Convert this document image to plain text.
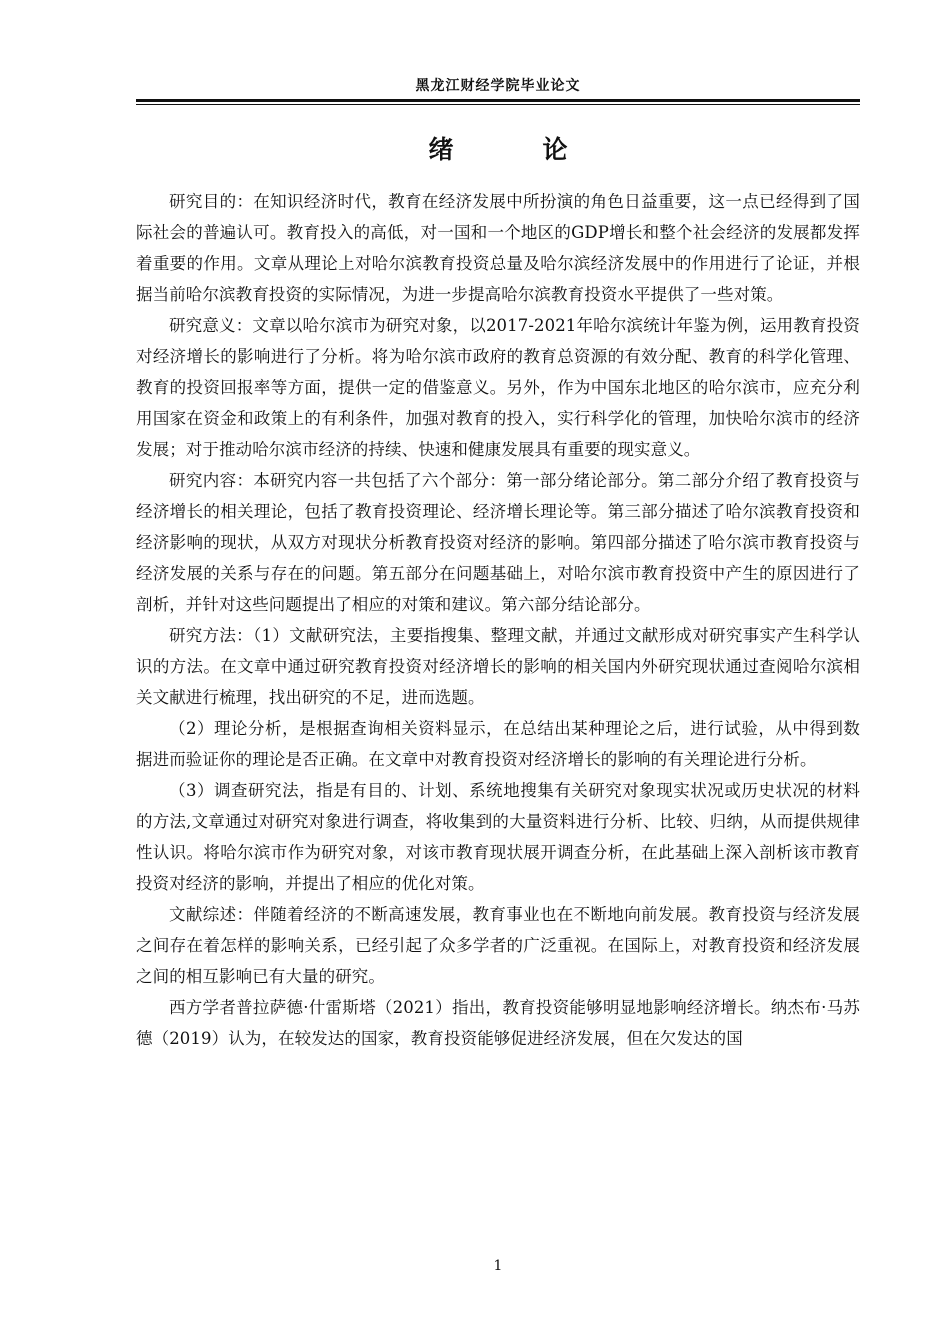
黑龙江财经学院毕业论文
绪　论

研究目的：在知识经济时代，教育在经济发展中所扮演的角色日益重要，这一点已经得到了国际社会的普遍认可。教育投入的高低，对一国和一个地区的GDP增长和整个社会经济的发展都发挥着重要的作用。文章从理论上对哈尔滨教育投资总量及哈尔滨经济发展中的作用进行了论证，并根据当前哈尔滨教育投资的实际情况，为进一步提高哈尔滨教育投资水平提供了一些对策。

研究意义：文章以哈尔滨市为研究对象，以2017-2021年哈尔滨统计年鉴为例，运用教育投资对经济增长的影响进行了分析。将为哈尔滨市政府的教育总资源的有效分配、教育的科学化管理、教育的投资回报率等方面，提供一定的借鉴意义。另外，作为中国东北地区的哈尔滨市，应充分利用国家在资金和政策上的有利条件，加强对教育的投入，实行科学化的管理，加快哈尔滨市的经济发展；对于推动哈尔滨市经济的持续、快速和健康发展具有重要的现实意义。

研究内容：本研究内容一共包括了六个部分：第一部分绪论部分。第二部分介绍了教育投资与经济增长的相关理论，包括了教育投资理论、经济增长理论等。第三部分描述了哈尔滨教育投资和经济影响的现状，从双方对现状分析教育投资对经济的影响。第四部分描述了哈尔滨市教育投资与经济发展的关系与存在的问题。第五部分在问题基础上，对哈尔滨市教育投资中产生的原因进行了剖析，并针对这些问题提出了相应的对策和建议。第六部分结论部分。

研究方法：（1）文献研究法，主要指搜集、整理文献，并通过文献形成对研究事实产生科学认识的方法。在文章中通过研究教育投资对经济增长的影响的相关国内外研究现状通过查阅哈尔滨相关文献进行梳理，找出研究的不足，进而选题。

（2）理论分析，是根据查询相关资料显示，在总结出某种理论之后，进行试验，从中得到数据进而验证你的理论是否正确。在文章中对教育投资对经济增长的影响的有关理论进行分析。

（3）调查研究法，指是有目的、计划、系统地搜集有关研究对象现实状况或历史状况的材料的方法,文章通过对研究对象进行调查，将收集到的大量资料进行分析、比较、归纳，从而提供规律性认识。将哈尔滨市作为研究对象，对该市教育现状展开调查分析，在此基础上深入剖析该市教育投资对经济的影响，并提出了相应的优化对策。

文献综述：伴随着经济的不断高速发展，教育事业也在不断地向前发展。教育投资与经济发展之间存在着怎样的影响关系，已经引起了众多学者的广泛重视。在国际上，对教育投资和经济发展之间的相互影响已有大量的研究。

西方学者普拉萨德·什雷斯塔（2021）指出，教育投资能够明显地影响经济增长。纳杰布·马苏德（2019）认为，在较发达的国家，教育投资能够促进经济发展，但在欠发达的国

1
